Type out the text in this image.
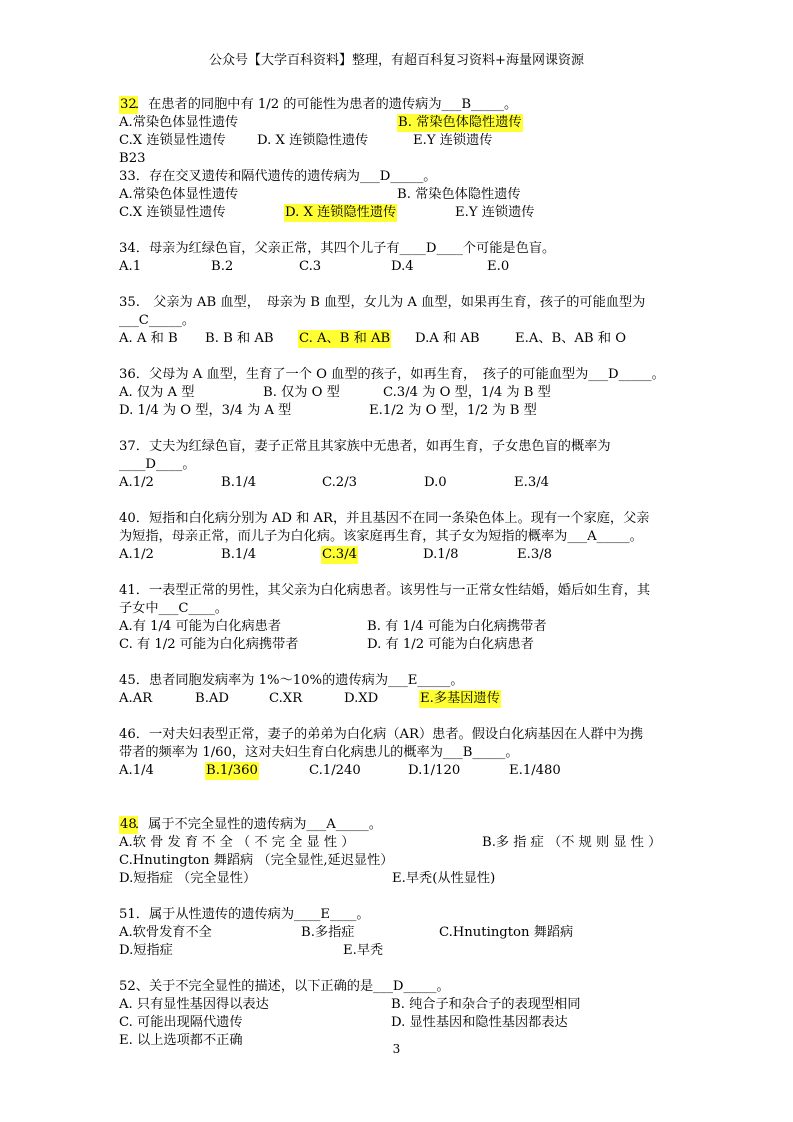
公众号【大学百科资料】整理，有超百科复习资料+海量网课资源
32
．在患者的同胞中有 1/2 的可能性为患者的遗传病为___B_____。
A.常染色体显性遗传	B. 常染色体隐性遗传
C.X 连锁显性遗传 D. X 连锁隐性遗传	E.Y 连锁遗传
B23
33．存在交叉遗传和隔代遗传的遗传病为___D_____。
A.常染色体显性遗传	B. 常染色体隐性遗传
C.X 连锁显性遗传	D. X 连锁隐性遗传	E.Y 连锁遗传
34．母亲为红绿色盲，父亲正常，其四个儿子有____D____个可能是色盲。
A.1	B.2	C.3	D.4	E.0
35.　父亲为 AB 血型，　母亲为 B 血型，女儿为 A 血型，如果再生育，孩子的可能血型为
___C_____。
A. A 和 B B. B 和 AB C. A、B 和 AB D.A 和 AB	E.A、B、AB 和 O
36．父母为 A 血型，生育了一个 O 血型的孩子，如再生育，　孩子的可能血型为___D_____。
A. 仅为 A 型	B. 仅为 O 型	C.3/4 为 O 型，1/4 为 B 型
D. 1/4 为 O 型，3/4 为 A 型	E.1/2 为 O 型，1/2 为 B 型
37．丈夫为红绿色盲，妻子正常且其家族中无患者，如再生育，子女患色盲的概率为
____D____。
A.1/2	B.1/4	C.2/3	D.0	E.3/4
40．短指和白化病分别为 AD 和 AR，并且基因不在同一条染色体上。现有一个家庭，父亲
为短指，母亲正常，而儿子为白化病。该家庭再生育，其子女为短指的概率为___A_____。
A.1/2	B.1/4	C.3/4	D.1/8	E.3/8
41．一表型正常的男性，其父亲为白化病患者。该男性与一正常女性结婚，婚后如生育，其
子女中___C____。
A.有 1/4 可能为白化病患者	B. 有 1/4 可能为白化病携带者
C. 有 1/2 可能为白化病携带者	D. 有 1/2 可能为白化病患者
45．患者同胞发病率为 1%～10%的遗传病为___E_____。
A.AR	B.AD	C.XR	D.XD	E.多基因遗传
46．一对夫妇表型正常，妻子的弟弟为白化病（AR）患者。假设白化病基因在人群中为携
带者的频率为 1/60，这对夫妇生育白化病患儿的概率为___B_____。
A.1/4	B.1/360	C.1/240	D.1/120	E.1/480
48
．属于不完全显性的遗传病为___A_____。
A.软 骨 发 育 不 全 （ 不 完 全 显 性 ）	B.多 指 症 （不 规 则 显 性 ）
C.Hnutington 舞蹈病 （完全显性,延迟显性）
D.短指症 （完全显性）	E.早秃(从性显性)
51．属于从性遗传的遗传病为____E____。
A.软骨发育不全	B.多指症	C.Hnutington 舞蹈病
D.短指症	E.早秃
52、关于不完全显性的描述，以下正确的是___D_____。
A. 只有显性基因得以表达	B. 纯合子和杂合子的表现型相同
C. 可能出现隔代遗传	D. 显性基因和隐性基因都表达
E. 以上选项都不正确
3
